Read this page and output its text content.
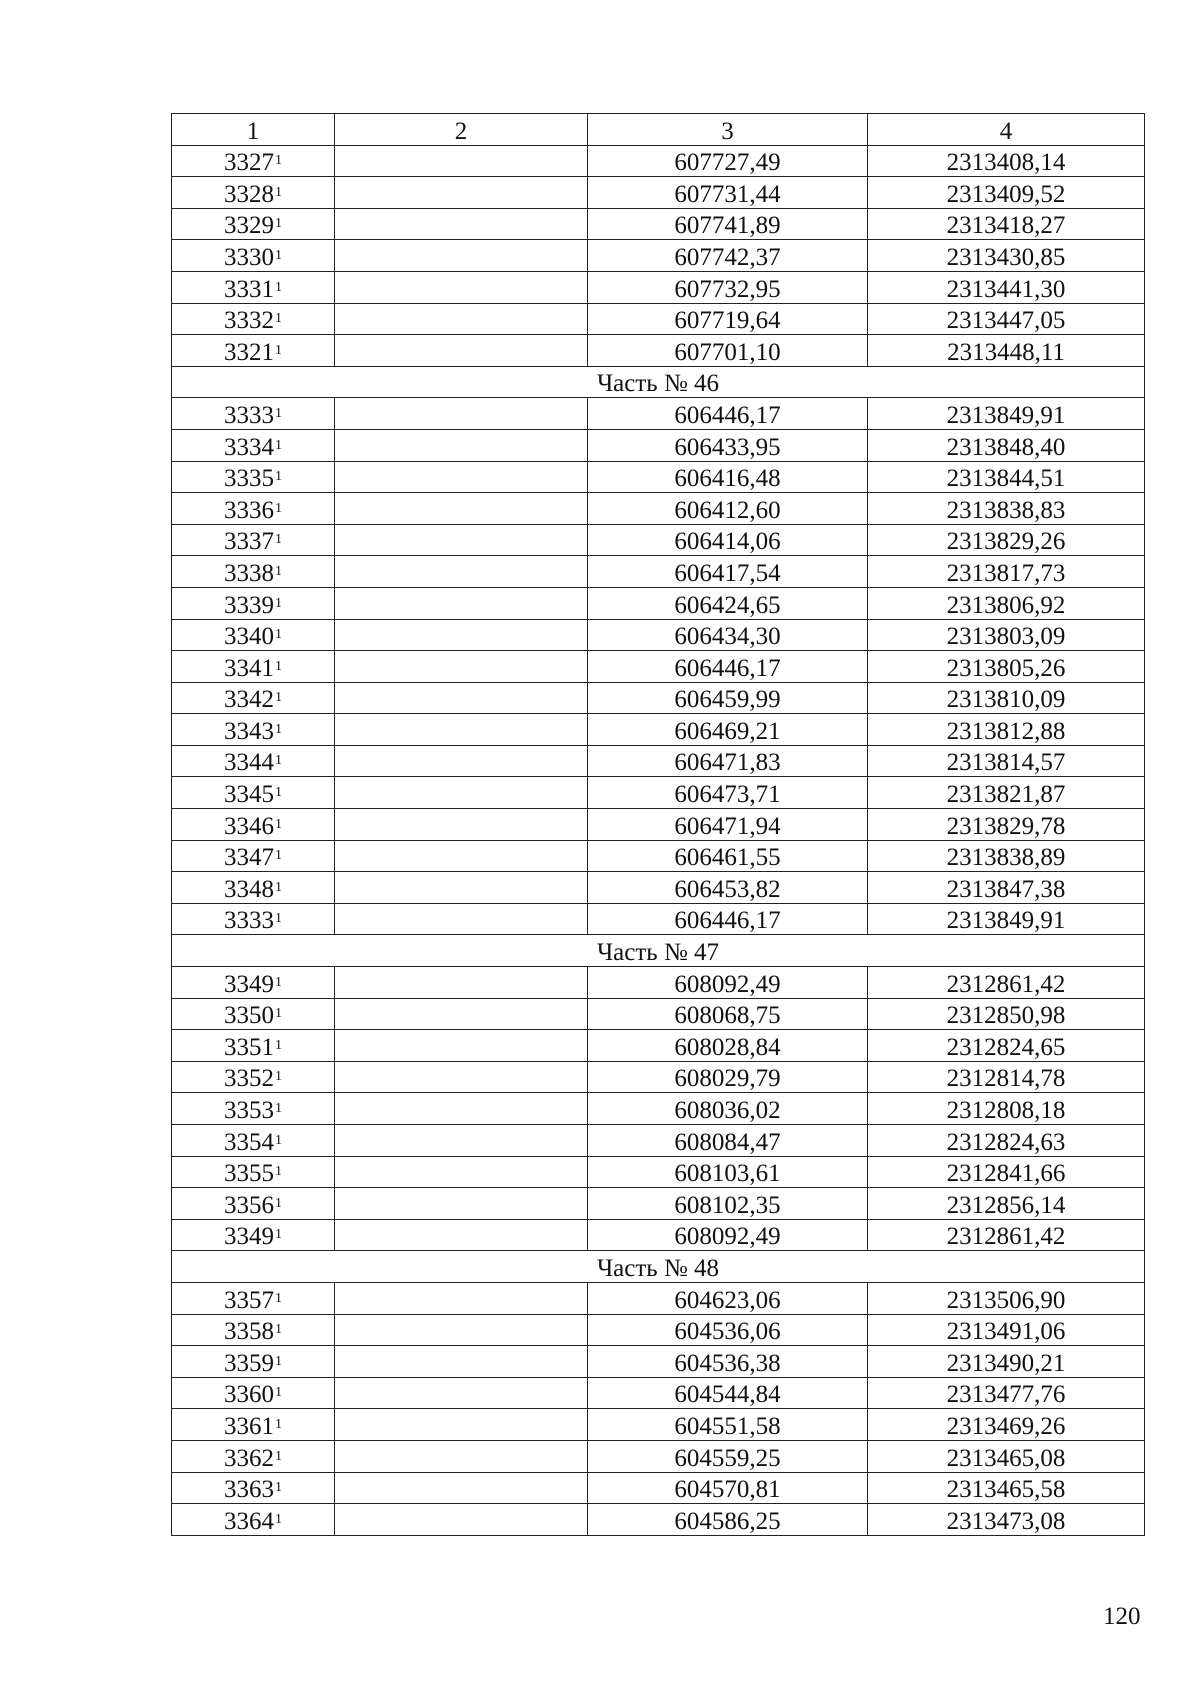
1	2	3	4
3327$^1$		607727,49	2313408,14
3328$^1$		607731,44	2313409,52
3329$^1$		607741,89	2313418,27
3330$^1$		607742,37	2313430,85
3331$^1$		607732,95	2313441,30
3332$^1$		607719,64	2313447,05
3321$^1$		607701,10	2313448,11
Часть № 46			
3333$^1$		606446,17	2313849,91
3334$^1$		606433,95	2313848,40
3335$^1$		606416,48	2313844,51
3336$^1$		606412,60	2313838,83
3337$^1$		606414,06	2313829,26
3338$^1$		606417,54	2313817,73
3339$^1$		606424,65	2313806,92
3340$^1$		606434,30	2313803,09
3341$^1$		606446,17	2313805,26
3342$^1$		606459,99	2313810,09
3343$^1$		606469,21	2313812,88
3344$^1$		606471,83	2313814,57
3345$^1$		606473,71	2313821,87
3346$^1$		606471,94	2313829,78
3347$^1$		606461,55	2313838,89
3348$^1$		606453,82	2313847,38
3333$^1$		606446,17	2313849,91
Часть № 47			
3349$^1$		608092,49	2312861,42
3350$^1$		608068,75	2312850,98
3351$^1$		608028,84	2312824,65
3352$^1$		608029,79	2312814,78
3353$^1$		608036,02	2312808,18
3354$^1$		608084,47	2312824,63
3355$^1$		608103,61	2312841,66
3356$^1$		608102,35	2312856,14
3349$^1$		608092,49	2312861,42
Часть № 48			
3357$^1$		604623,06	2313506,90
3358$^1$		604536,06	2313491,06
3359$^1$		604536,38	2313490,21
3360$^1$		604544,84	2313477,76
3361$^1$		604551,58	2313469,26
3362$^1$		604559,25	2313465,08
3363$^1$		604570,81	2313465,58
3364$^1$		604586,25	2313473,08
120
